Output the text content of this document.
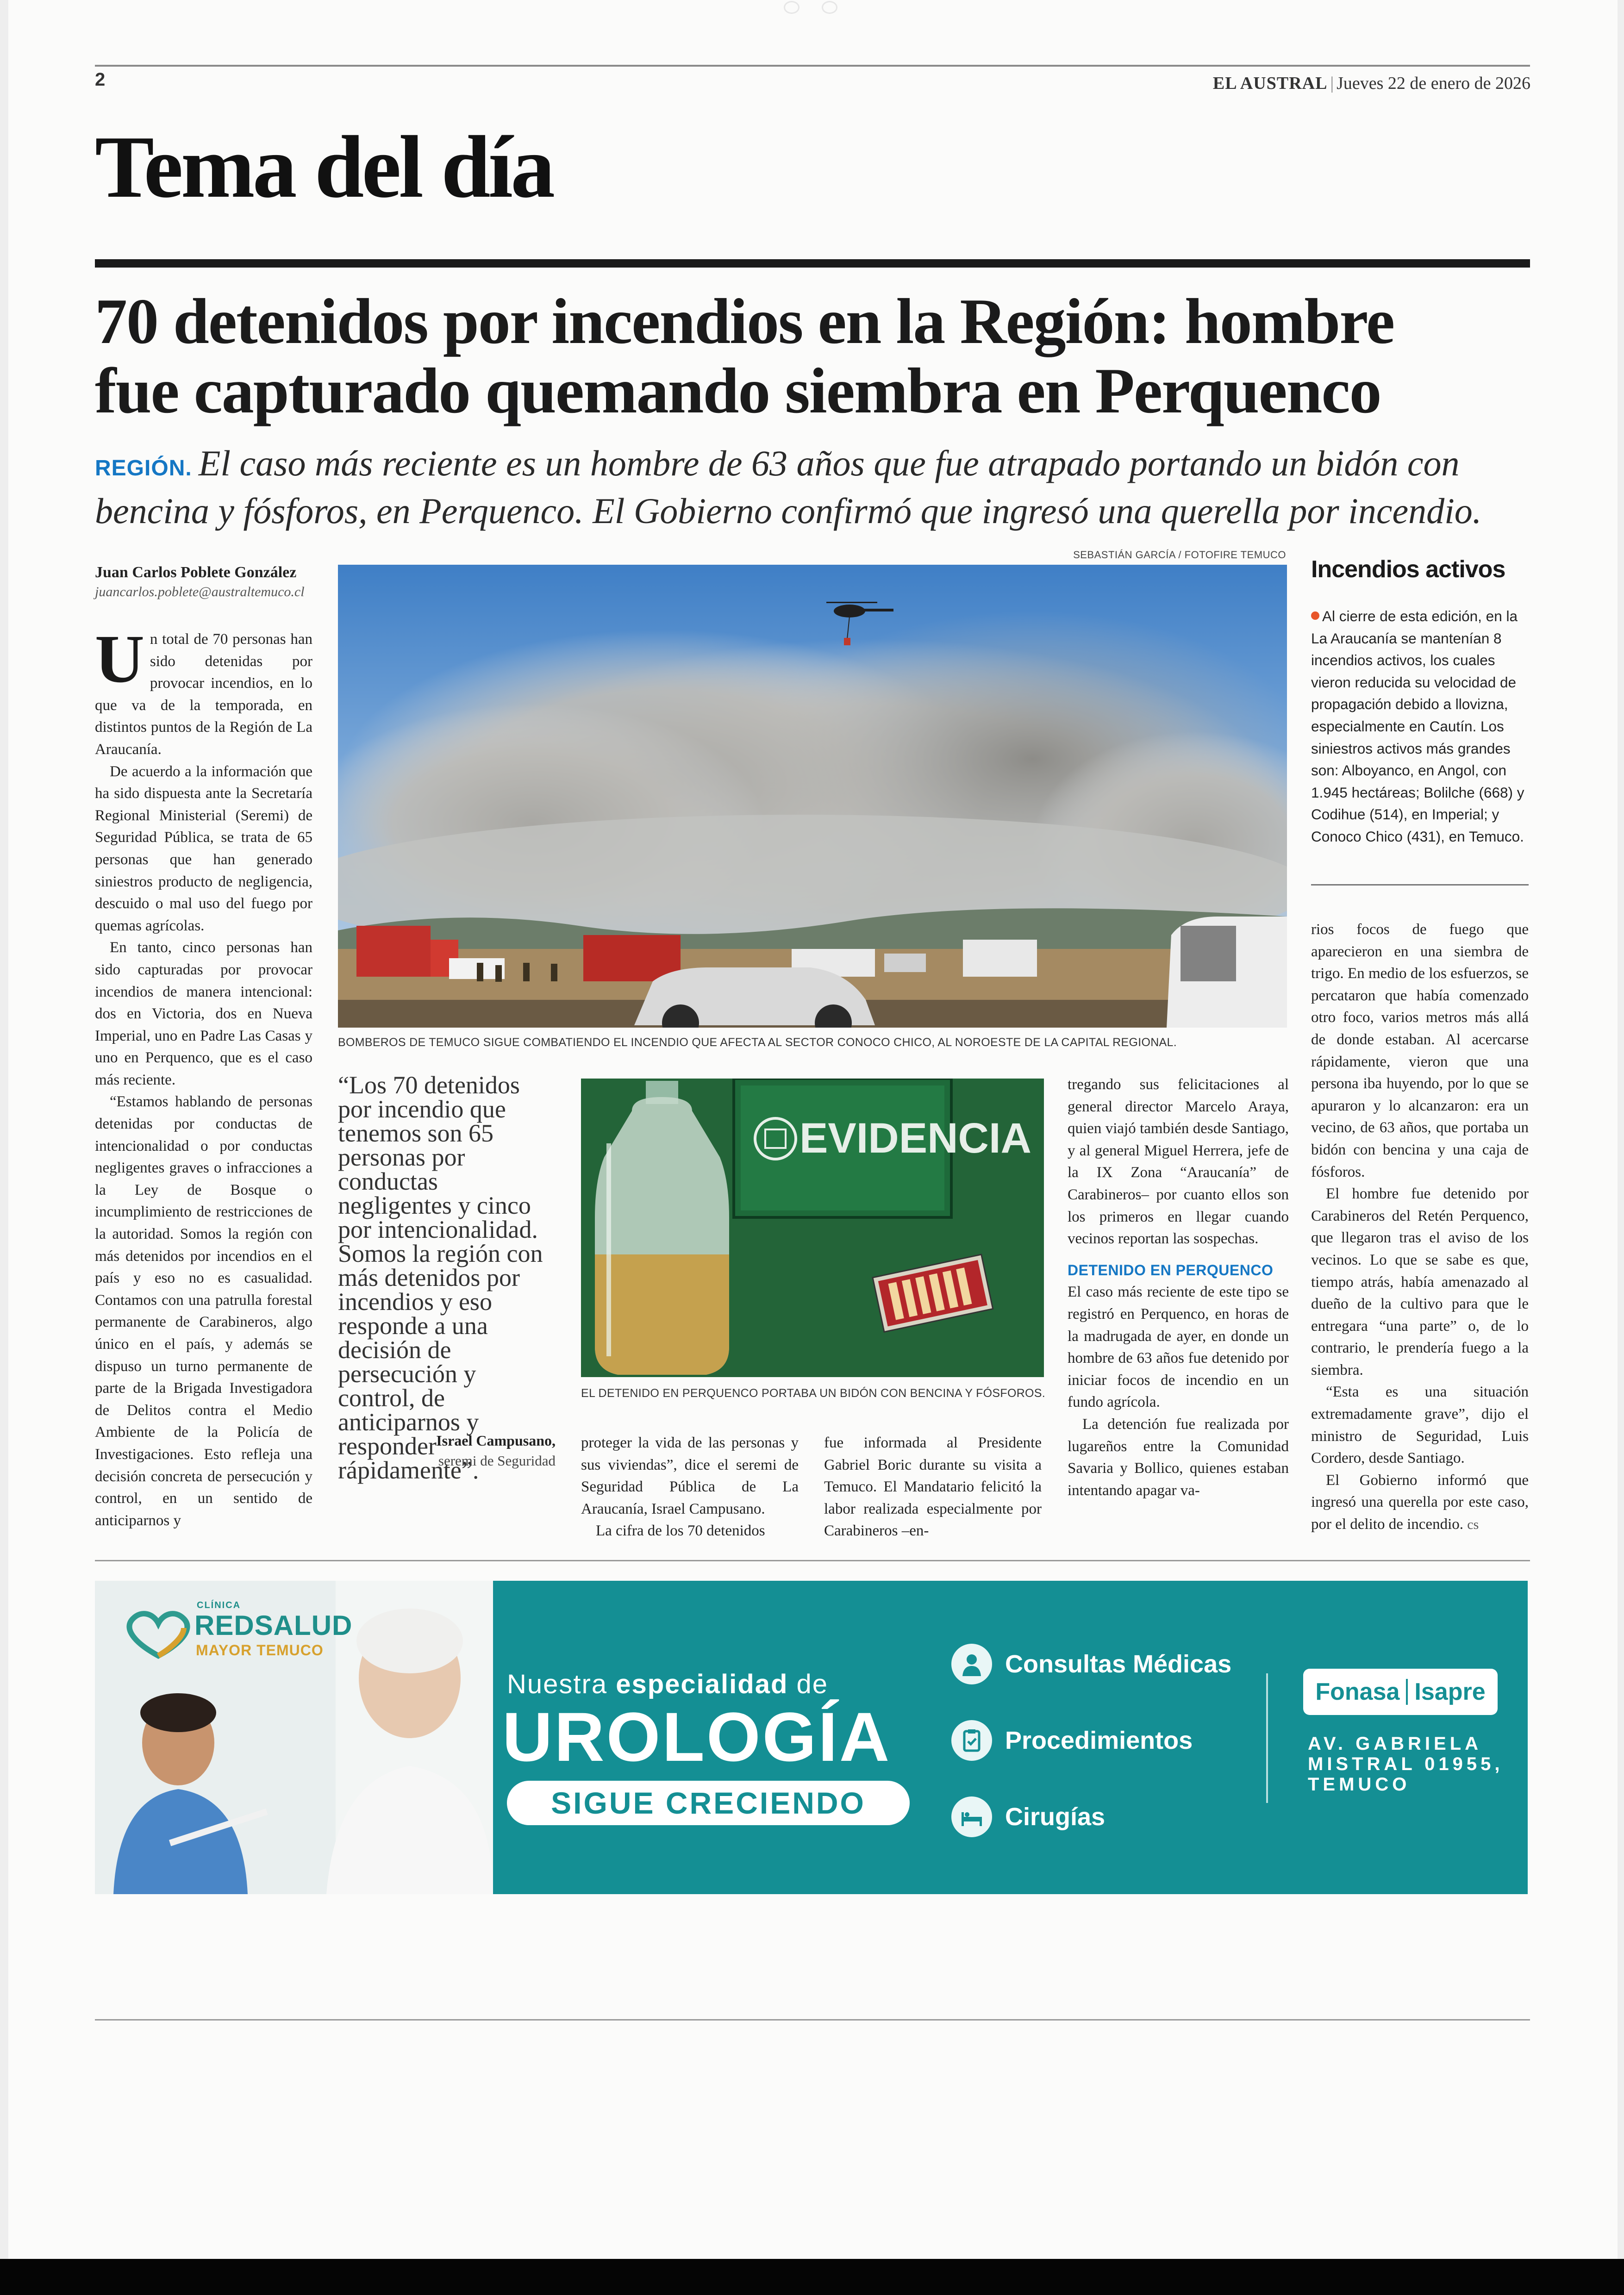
2	EL AUSTRAL | Jueves 22 de enero de 2026
Tema del día
70 detenidos por incendios en la Región: hombre
fue capturado quemando siembra en Perquenco
REGIÓN. El caso más reciente es un hombre de 63 años que fue atrapado portando un bidón con
bencina y fósforos, en Perquenco. El Gobierno confirmó que ingresó una querella por incendio.
Juan Carlos Poblete González
juancarlos.poblete@australtemuco.cl

Un total de 70 personas han sido detenidas por provocar incendios, en lo que va de la temporada, en distintos puntos de la Región de La Araucanía.

De acuerdo a la información que ha sido dispuesta ante la Secretaría Regional Ministerial (Seremi) de Seguridad Pública, se trata de 65 personas que han generado siniestros producto de negligencia, descuido o mal uso del fuego por quemas agrícolas.

En tanto, cinco personas han sido capturadas por provocar incendios de manera intencional: dos en Victoria, dos en Nueva Imperial, uno en Padre Las Casas y uno en Perquenco, que es el caso más reciente.

“Estamos hablando de personas detenidas por conductas de intencionalidad o por conductas negligentes graves o infracciones a la Ley de Bosque o incumplimiento de restricciones de la autoridad. Somos la región con más detenidos por incendios en el país y eso no es casualidad. Contamos con una patrulla forestal permanente de Carabineros, algo único en el país, y además se dispuso un turno permanente de parte de la Brigada Investigadora de Delitos contra el Medio Ambiente de la Policía de Investigaciones. Esto refleja una decisión concreta de persecución y control, en un sentido de anticiparnos y

SEBASTIÁN GARCÍA / FOTOFIRE TEMUCO
BOMBEROS DE TEMUCO SIGUE COMBATIENDO EL INCENDIO QUE AFECTA AL SECTOR CONOCO CHICO, AL NOROESTE DE LA CAPITAL REGIONAL.
“Los 70 detenidos por incendio que tenemos son 65 personas por conductas negligentes y cinco por intencionalidad. Somos la región con más detenidos por incendios y eso responde a una decisión de persecución y control, de anticiparnos y responder rápidamente”.
Israel Campusano,
seremi de Seguridad
EVIDENCIA
EL DETENIDO EN PERQUENCO PORTABA UN BIDÓN CON BENCINA Y FÓSFOROS.

proteger la vida de las personas y sus viviendas”, dice el seremi de Seguridad Pública de La Araucanía, Israel Campusano.

La cifra de los 70 detenidos

fue informada al Presidente Gabriel Boric durante su visita a Temuco. El Mandatario felicitó la labor realizada especialmente por Carabineros –en-

tregando sus felicitaciones al general director Marcelo Araya, quien viajó también desde Santiago, y al general Miguel Herrera, jefe de la IX Zona “Araucanía” de Carabineros– por cuanto ellos son los primeros en llegar cuando vecinos reportan las sospechas.

DETENIDO EN PERQUENCO

El caso más reciente de este tipo se registró en Perquenco, en horas de la madrugada de ayer, en donde un hombre de 63 años fue detenido por iniciar focos de incendio en un fundo agrícola.

La detención fue realizada por lugareños entre la Comunidad Savaria y Bollico, quienes estaban intentando apagar va-

Incendios activos
Al cierre de esta edición, en la La Araucanía se mantenían 8 incendios activos, los cuales vieron reducida su velocidad de propagación debido a llovizna, especialmente en Cautín. Los siniestros activos más grandes son: Alboyanco, en Angol, con 1.945 hectáreas; Bolilche (668) y Codihue (514), en Imperial; y Conoco Chico (431), en Temuco.

rios focos de fuego que aparecieron en una siembra de trigo. En medio de los esfuerzos, se percataron que había comenzado otro foco, varios metros más allá de donde estaban. Al acercarse rápidamente, vieron que una persona iba huyendo, por lo que se apuraron y lo alcanzaron: era un vecino, de 63 años, que portaba un bidón con bencina y una caja de fósforos.

El hombre fue detenido por Carabineros del Retén Perquenco, que llegaron tras el aviso de los vecinos. Lo que se sabe es que, tiempo atrás, había amenazado al dueño de la cultivo para que le entregara “una parte” o, de lo contrario, le prendería fuego a la siembra.

“Esta es una situación extremadamente grave”, dijo el ministro de Seguridad, Luis Cordero, desde Santiago.

El Gobierno informó que ingresó una querella por este caso, por el delito de incendio. cs

CLÍNICA
REDSALUD
MAYOR TEMUCO
Nuestra especialidad de
UROLOGÍA
SIGUE CRECIENDO
Consultas Médicas
Procedimientos
Cirugías
Fonasa Isapre
AV. GABRIELA
MISTRAL 01955,
TEMUCO
